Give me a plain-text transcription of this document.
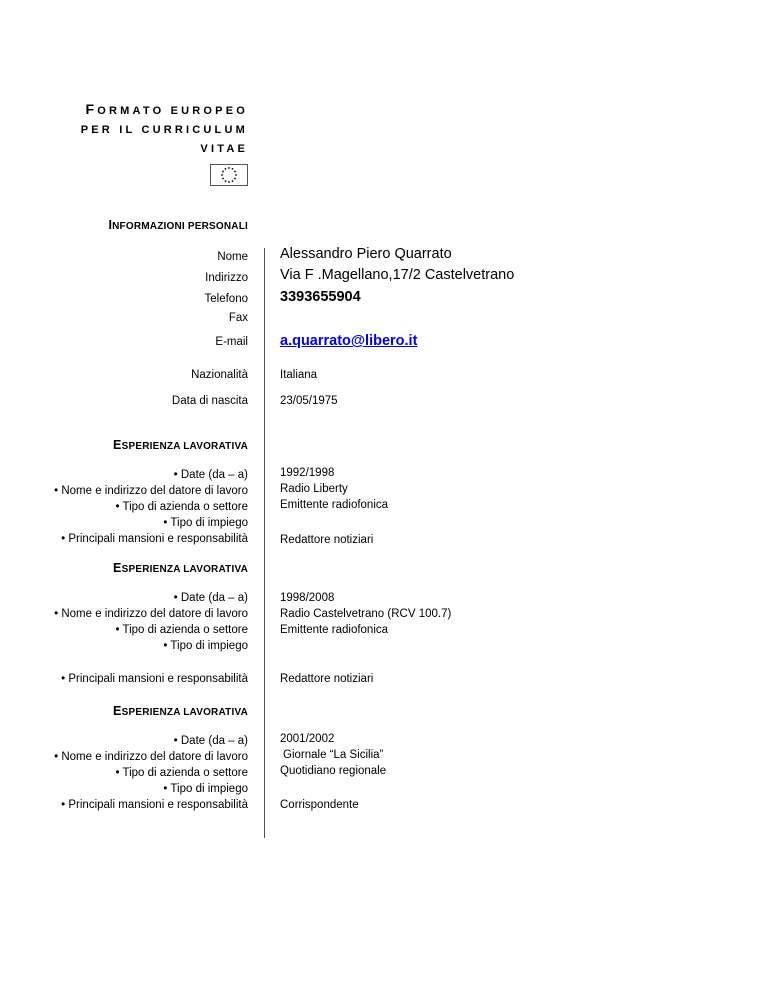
FORMATO EUROPEO
PER IL CURRICULUM
VITAE
INFORMAZIONI PERSONALI
Nome Alessandro Piero Quarrato
Indirizzo Via F .Magellano,17/2 Castelvetrano
Telefono 3393655904
Fax
E-mail a.quarrato@libero.it
Nazionalità	Italiana
Data di nascita	23/05/1975
ESPERIENZA LAVORATIVA
• Date (da – a)
• Nome e indirizzo del datore di lavoro
• Tipo di azienda o settore
• Tipo di impiego
• Principali mansioni e responsabilità
1992/1998
Radio Liberty
Emittente radiofonica
Redattore notiziari
ESPERIENZA LAVORATIVA
• Date (da – a)
• Nome e indirizzo del datore di lavoro
• Tipo di azienda o settore
• Tipo di impiego
• Principali mansioni e responsabilità
1998/2008
Radio Castelvetrano (RCV 100.7)
Emittente radiofonica
Redattore notiziari
ESPERIENZA LAVORATIVA
• Date (da – a)
• Nome e indirizzo del datore di lavoro
• Tipo di azienda o settore
• Tipo di impiego
• Principali mansioni e responsabilità
2001/2002
Giornale “La Sicilia”
Quotidiano regionale
Corrispondente
